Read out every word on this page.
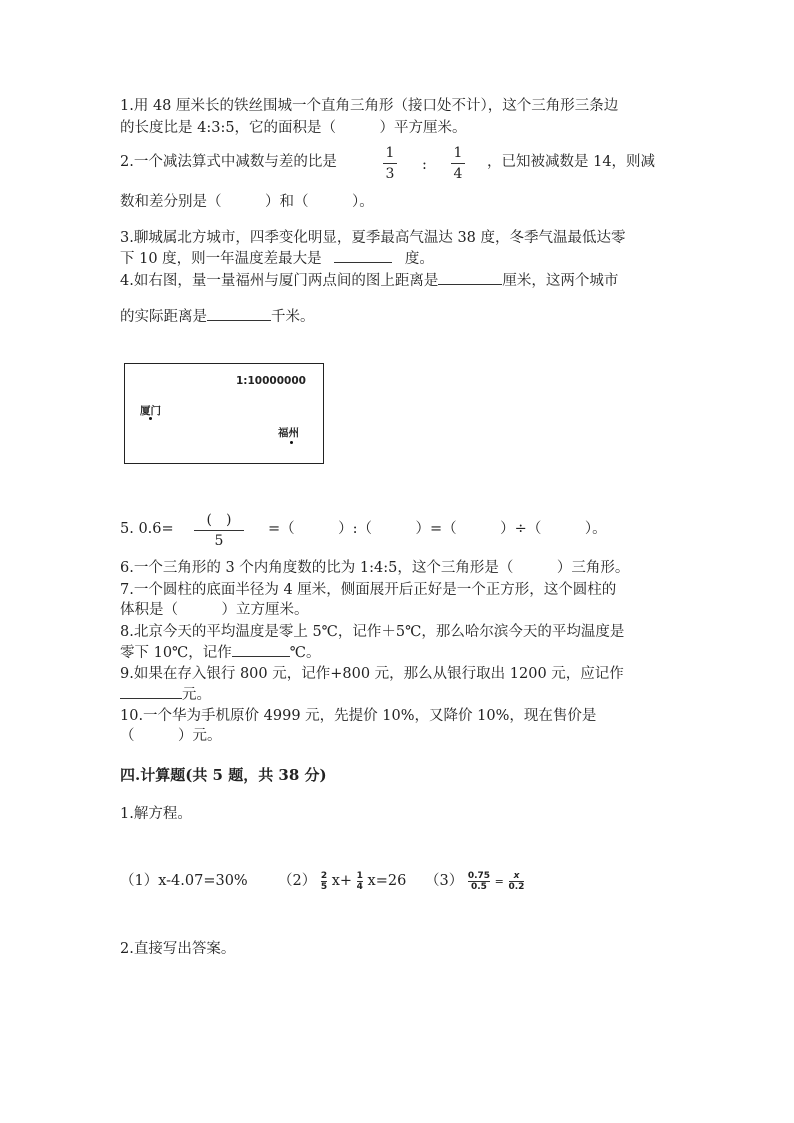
1.用 48 厘米长的铁丝围城一个直角三角形（接口处不计），这个三角形三条边
的长度比是 4:3:5，它的面积是（　　　）平方厘米。
2.一个减法算式中减数与差的比是
1
3
:
1
4
，已知被减数是 14，则减
数和差分别是（　　　）和（　　　）。
3.聊城属北方城市，四季变化明显，夏季最高气温达 38 度，冬季气温最低达零
下 10 度，则一年温度差最大是	度。
4.如右图，量一量福州与厦门两点间的图上距离是	厘米，这两个城市
的实际距离是	千米。
1:10000000
厦门
福州
5. 0.6=
(　)
5
=（　　　）:（　　　）=（　　　）÷（　　　）。
6.一个三角形的 3 个内角度数的比为 1:4:5，这个三角形是（　　　）三角形。
7.一个圆柱的底面半径为 4 厘米，侧面展开后正好是一个正方形，这个圆柱的
体积是（　　　）立方厘米。
8.北京今天的平均温度是零上 5℃，记作＋5℃，那么哈尔滨今天的平均温度是
零下 10℃，记作	℃。
9.如果在存入银行 800 元，记作+800 元，那么从银行取出 1200 元，应记作
元。
10.一个华为手机原价 4999 元，先提价 10%，又降价 10%，现在售价是
（　　　）元。
四.计算题(共 5 题，共 38 分)
1.解方程。
（1）x-4.07=30% $(2) \frac{2}{5} x+ \frac{1}{4} x=26$ $(3) \frac{0.75}{0.5} = \frac{x}{0.2}$
2.直接写出答案。
